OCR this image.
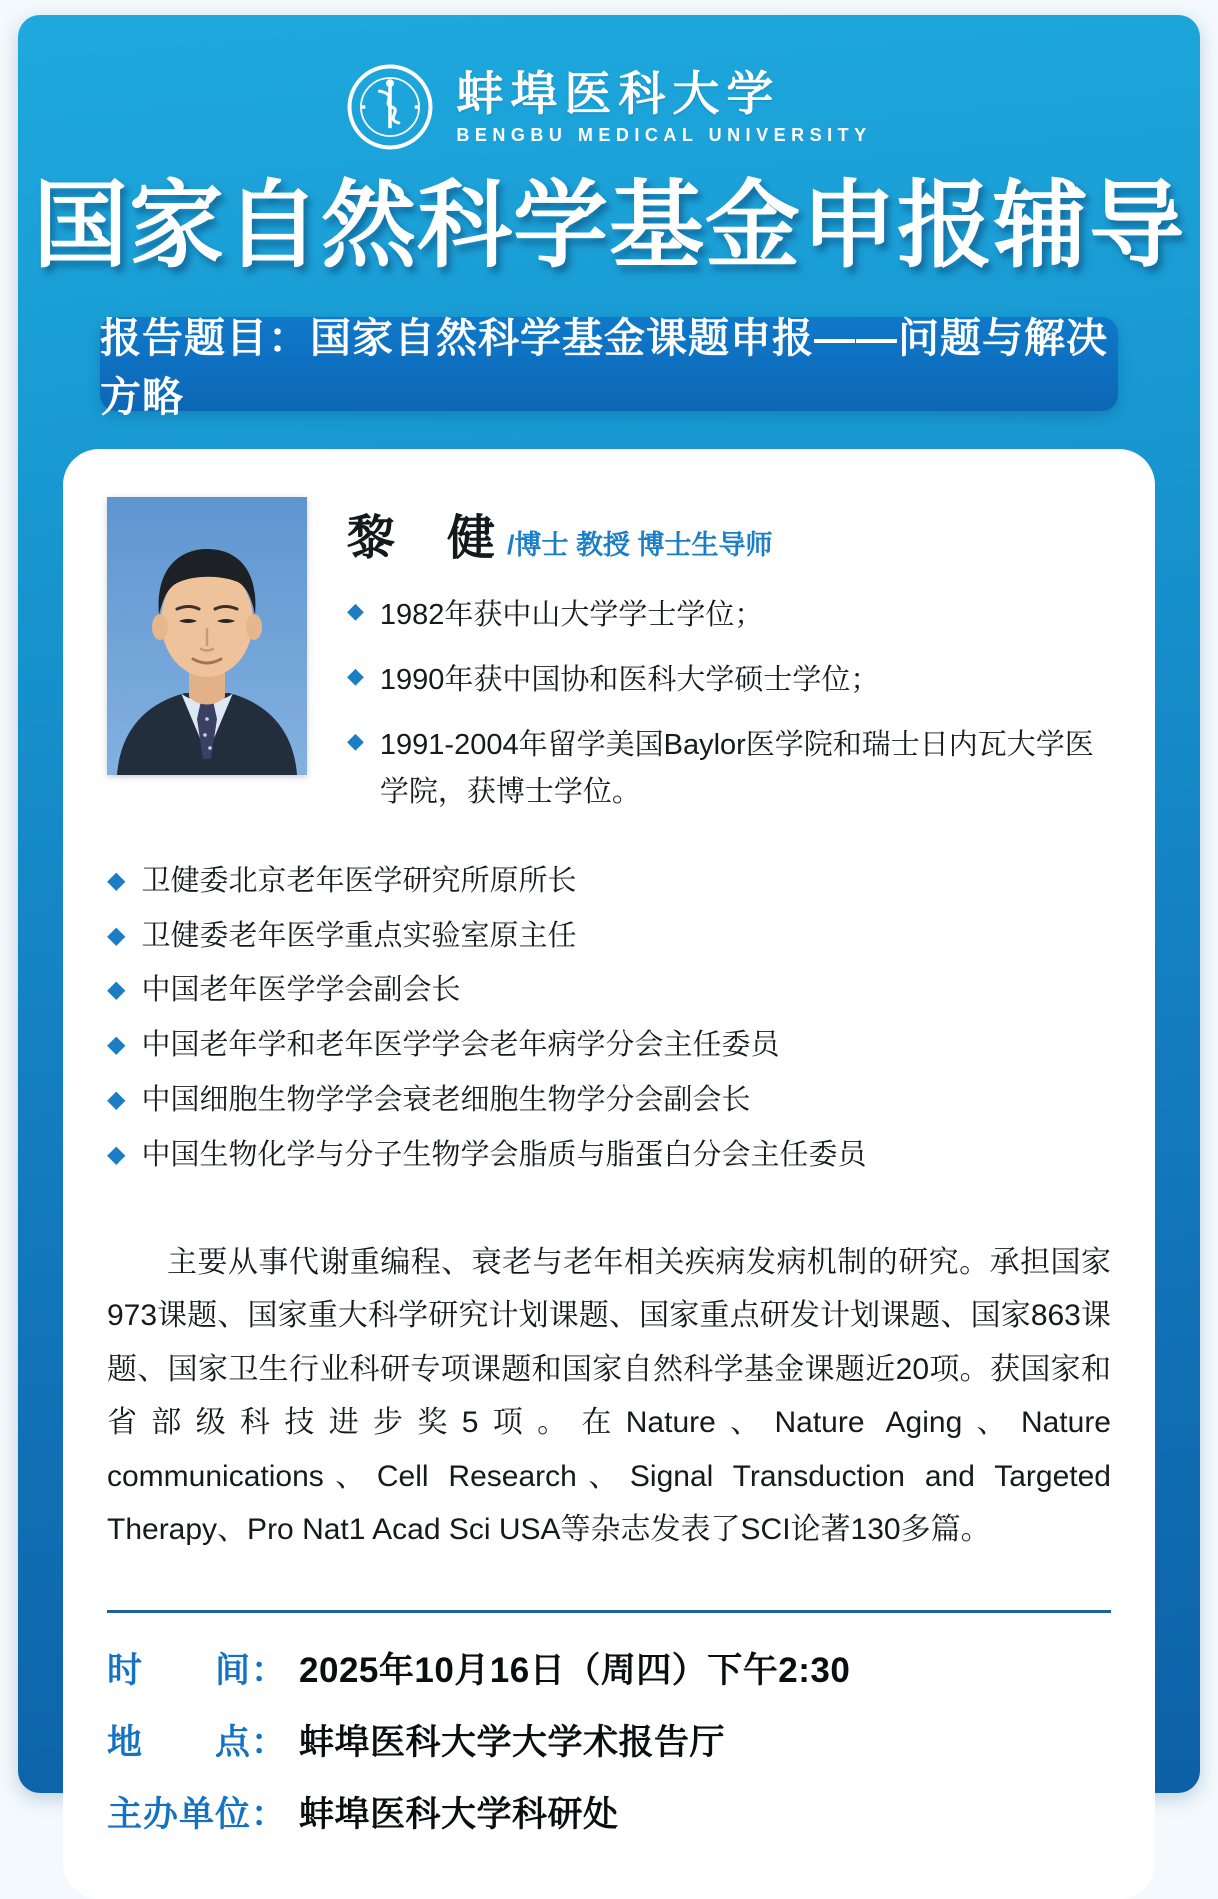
蚌埠医科大学
BENGBU MEDICAL UNIVERSITY
国家自然科学基金申报辅导
报告题目：国家自然科学基金课题申报——问题与解决方略
黎　健 /博士 教授 博士生导师
◆ 1982年获中山大学学士学位；
◆ 1990年获中国协和医科大学硕士学位；
◆ 1991-2004年留学美国Baylor医学院和瑞士日内瓦大学医学院，获博士学位。
◆ 卫健委北京老年医学研究所原所长
◆ 卫健委老年医学重点实验室原主任
◆ 中国老年医学学会副会长
◆ 中国老年学和老年医学学会老年病学分会主任委员
◆ 中国细胞生物学学会衰老细胞生物学分会副会长
◆ 中国生物化学与分子生物学会脂质与脂蛋白分会主任委员

主要从事代谢重编程、衰老与老年相关疾病发病机制的研究。承担国家973课题、国家重大科学研究计划课题、国家重点研发计划课题、国家863课题、国家卫生行业科研专项课题和国家自然科学基金课题近20项。获国家和省部级科技进步奖5项。在Nature、Nature Aging、Nature communications、Cell Research、Signal Transduction and Targeted Therapy、Pro Nat1 Acad Sci USA等杂志发表了SCI论著130多篇。

时　　间： 2025年10月16日（周四）下午2:30
地　　点： 蚌埠医科大学大学术报告厅
主办单位： 蚌埠医科大学科研处
